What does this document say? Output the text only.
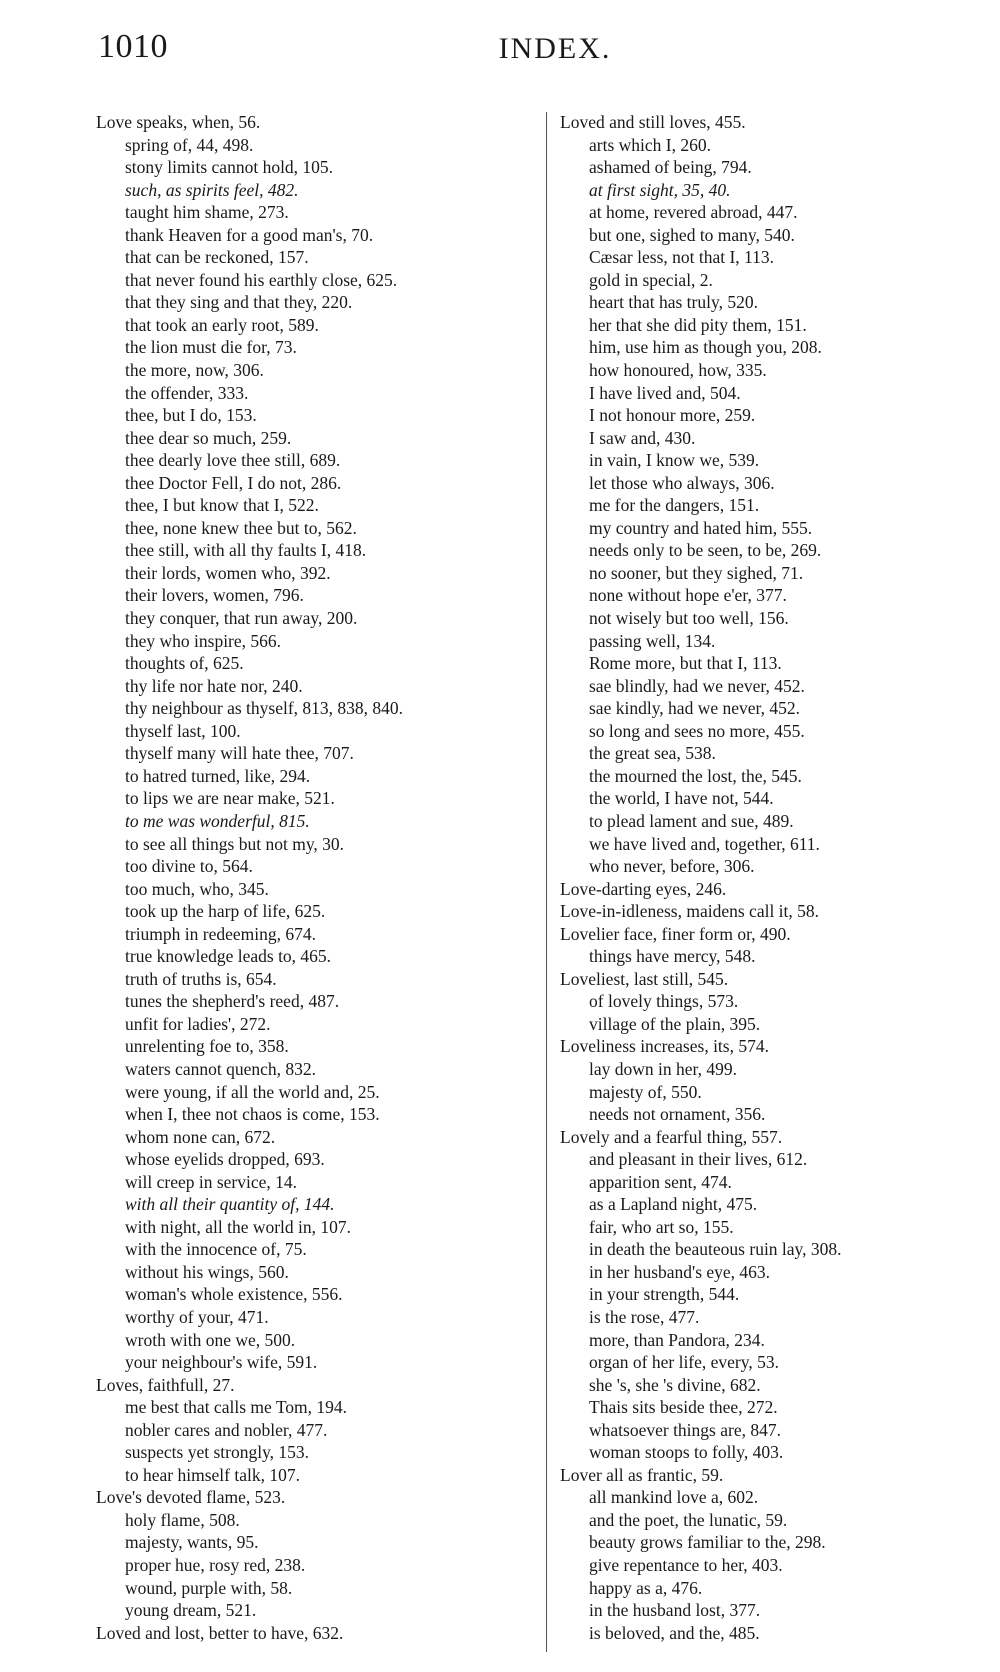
1010	INDEX.
Love speaks, when, 56.
spring of, 44, 498.
stony limits cannot hold, 105.
such, as spirits feel, 482.
taught him shame, 273.
thank Heaven for a good man's, 70.
that can be reckoned, 157.
that never found his earthly close, 625.
that they sing and that they, 220.
that took an early root, 589.
the lion must die for, 73.
the more, now, 306.
the offender, 333.
thee, but I do, 153.
thee dear so much, 259.
thee dearly love thee still, 689.
thee Doctor Fell, I do not, 286.
thee, I but know that I, 522.
thee, none knew thee but to, 562.
thee still, with all thy faults I, 418.
their lords, women who, 392.
their lovers, women, 796.
they conquer, that run away, 200.
they who inspire, 566.
thoughts of, 625.
thy life nor hate nor, 240.
thy neighbour as thyself, 813, 838, 840.
thyself last, 100.
thyself many will hate thee, 707.
to hatred turned, like, 294.
to lips we are near make, 521.
to me was wonderful, 815.
to see all things but not my, 30.
too divine to, 564.
too much, who, 345.
took up the harp of life, 625.
triumph in redeeming, 674.
true knowledge leads to, 465.
truth of truths is, 654.
tunes the shepherd's reed, 487.
unfit for ladies', 272.
unrelenting foe to, 358.
waters cannot quench, 832.
were young, if all the world and, 25.
when I, thee not chaos is come, 153.
whom none can, 672.
whose eyelids dropped, 693.
will creep in service, 14.
with all their quantity of, 144.
with night, all the world in, 107.
with the innocence of, 75.
without his wings, 560.
woman's whole existence, 556.
worthy of your, 471.
wroth with one we, 500.
your neighbour's wife, 591.
Loves, faithfull, 27.
me best that calls me Tom, 194.
nobler cares and nobler, 477.
suspects yet strongly, 153.
to hear himself talk, 107.
Love's devoted flame, 523.
holy flame, 508.
majesty, wants, 95.
proper hue, rosy red, 238.
wound, purple with, 58.
young dream, 521.
Loved and lost, better to have, 632.
Loved and still loves, 455.
arts which I, 260.
ashamed of being, 794.
at first sight, 35, 40.
at home, revered abroad, 447.
but one, sighed to many, 540.
Cæsar less, not that I, 113.
gold in special, 2.
heart that has truly, 520.
her that she did pity them, 151.
him, use him as though you, 208.
how honoured, how, 335.
I have lived and, 504.
I not honour more, 259.
I saw and, 430.
in vain, I know we, 539.
let those who always, 306.
me for the dangers, 151.
my country and hated him, 555.
needs only to be seen, to be, 269.
no sooner, but they sighed, 71.
none without hope e'er, 377.
not wisely but too well, 156.
passing well, 134.
Rome more, but that I, 113.
sae blindly, had we never, 452.
sae kindly, had we never, 452.
so long and sees no more, 455.
the great sea, 538.
the mourned the lost, the, 545.
the world, I have not, 544.
to plead lament and sue, 489.
we have lived and, together, 611.
who never, before, 306.
Love-darting eyes, 246.
Love-in-idleness, maidens call it, 58.
Lovelier face, finer form or, 490.
things have mercy, 548.
Loveliest, last still, 545.
of lovely things, 573.
village of the plain, 395.
Loveliness increases, its, 574.
lay down in her, 499.
majesty of, 550.
needs not ornament, 356.
Lovely and a fearful thing, 557.
and pleasant in their lives, 612.
apparition sent, 474.
as a Lapland night, 475.
fair, who art so, 155.
in death the beauteous ruin lay, 308.
in her husband's eye, 463.
in your strength, 544.
is the rose, 477.
more, than Pandora, 234.
organ of her life, every, 53.
she 's, she 's divine, 682.
Thais sits beside thee, 272.
whatsoever things are, 847.
woman stoops to folly, 403.
Lover all as frantic, 59.
all mankind love a, 602.
and the poet, the lunatic, 59.
beauty grows familiar to the, 298.
give repentance to her, 403.
happy as a, 476.
in the husband lost, 377.
is beloved, and the, 485.
